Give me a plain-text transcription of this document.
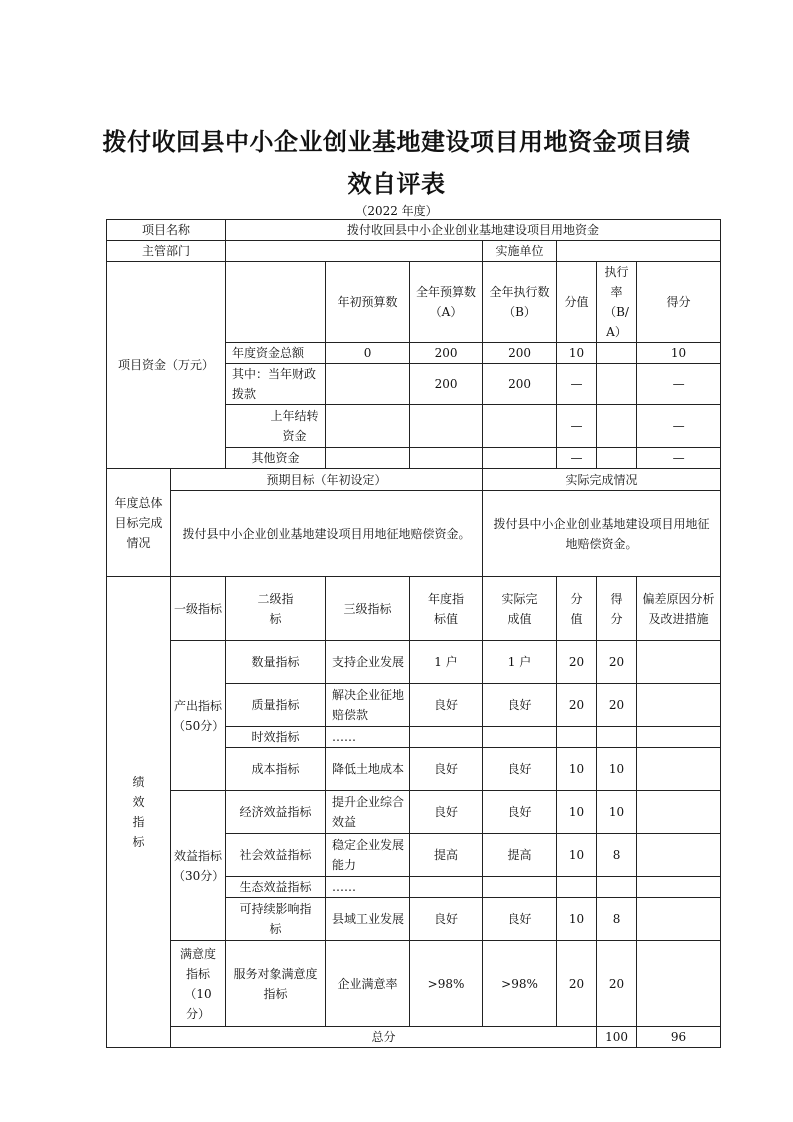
拨付收回县中小企业创业基地建设项目用地资金项目绩
效自评表
（2022 年度）
项目名称		拨付收回县中小企业创业基地建设项目用地资金							
主管部门					实施单位				
项目资金（万元）			年初预算数	全年预算数（A）	全年执行数（B）	分值	执行率（B/A）	得分	
		年度资金总额	0	200	200	10		10	
		其中：当年财政拨款		200	200	—		—	
		上年结转资金				—		—	
		其他资金				—		—	
年度总体目标完成情况	预期目标（年初设定）				实际完成情况				
	拨付县中小企业创业基地建设项目用地征地赔偿资金。				拨付县中小企业创业基地建设项目用地征地赔偿资金。				
绩效指标	一级指标	二级指标	三级指标	年度指标值	实际完成值	分值	得分	偏差原因分析及改进措施	
	产出指标（50分）	数量指标	支持企业发展	1 户	1 户	20	20		
		质量指标	解决企业征地赔偿款	良好	良好	20	20		
		时效指标	……						
		成本指标	降低土地成本	良好	良好	10	10		
	效益指标（30分）	经济效益指标	提升企业综合效益	良好	良好	10	10		
		社会效益指标	稳定企业发展能力	提高	提高	10	8		
		生态效益指标	……						
		可持续影响指标	县域工业发展	良好	良好	10	8		
	满意度指标（10分）	服务对象满意度指标	企业满意率	>98%	>98%	20	20		
	总分						100	96	
